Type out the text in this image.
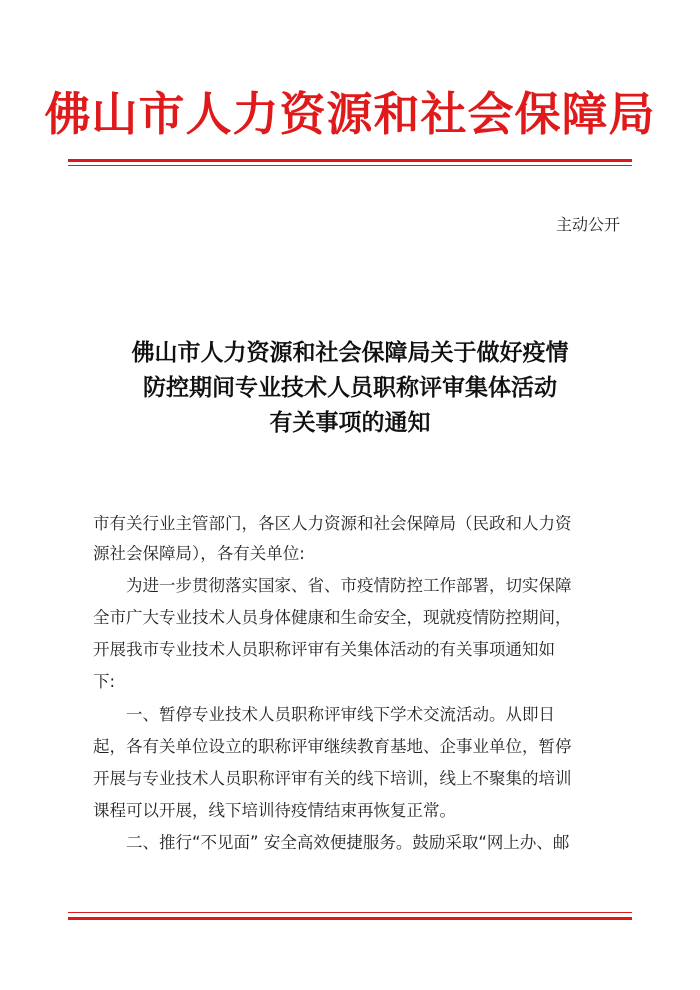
佛山市人力资源和社会保障局
主动公开
佛山市人力资源和社会保障局关于做好疫情
防控期间专业技术人员职称评审集体活动
有关事项的通知
市有关行业主管部门，各区人力资源和社会保障局（民政和人力资
源社会保障局），各有关单位:
　　为进一步贯彻落实国家、省、市疫情防控工作部署，切实保障
全市广大专业技术人员身体健康和生命安全，现就疫情防控期间，
开展我市专业技术人员职称评审有关集体活动的有关事项通知如
下:
　　一、暂停专业技术人员职称评审线下学术交流活动。从即日
起，各有关单位设立的职称评审继续教育基地、企事业单位，暂停
开展与专业技术人员职称评审有关的线下培训，线上不聚集的培训
课程可以开展，线下培训待疫情结束再恢复正常。
　　二、推行“不见面” 安全高效便捷服务。鼓励采取“网上办、邮
